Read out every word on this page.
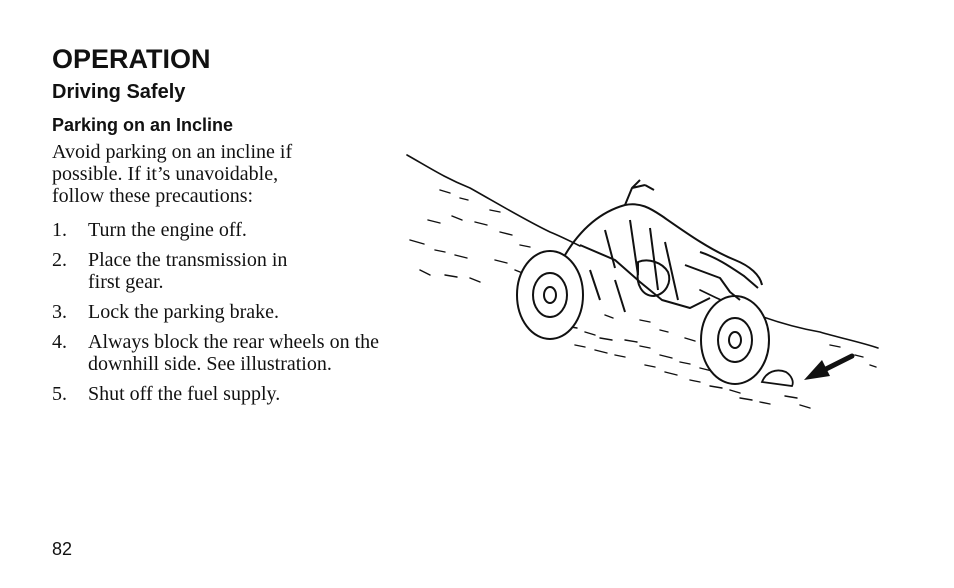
OPERATION
Driving Safely
Parking on an Incline

Avoid parking on an incline if
possible. If it’s unavoidable,
follow these precautions:

1.	Turn the engine off.
2.	Place the transmission in
first gear.
3.	Lock the parking brake.
4.	Always block the rear wheels on the
downhill side. See illustration.
5.	Shut off the fuel supply.
82
